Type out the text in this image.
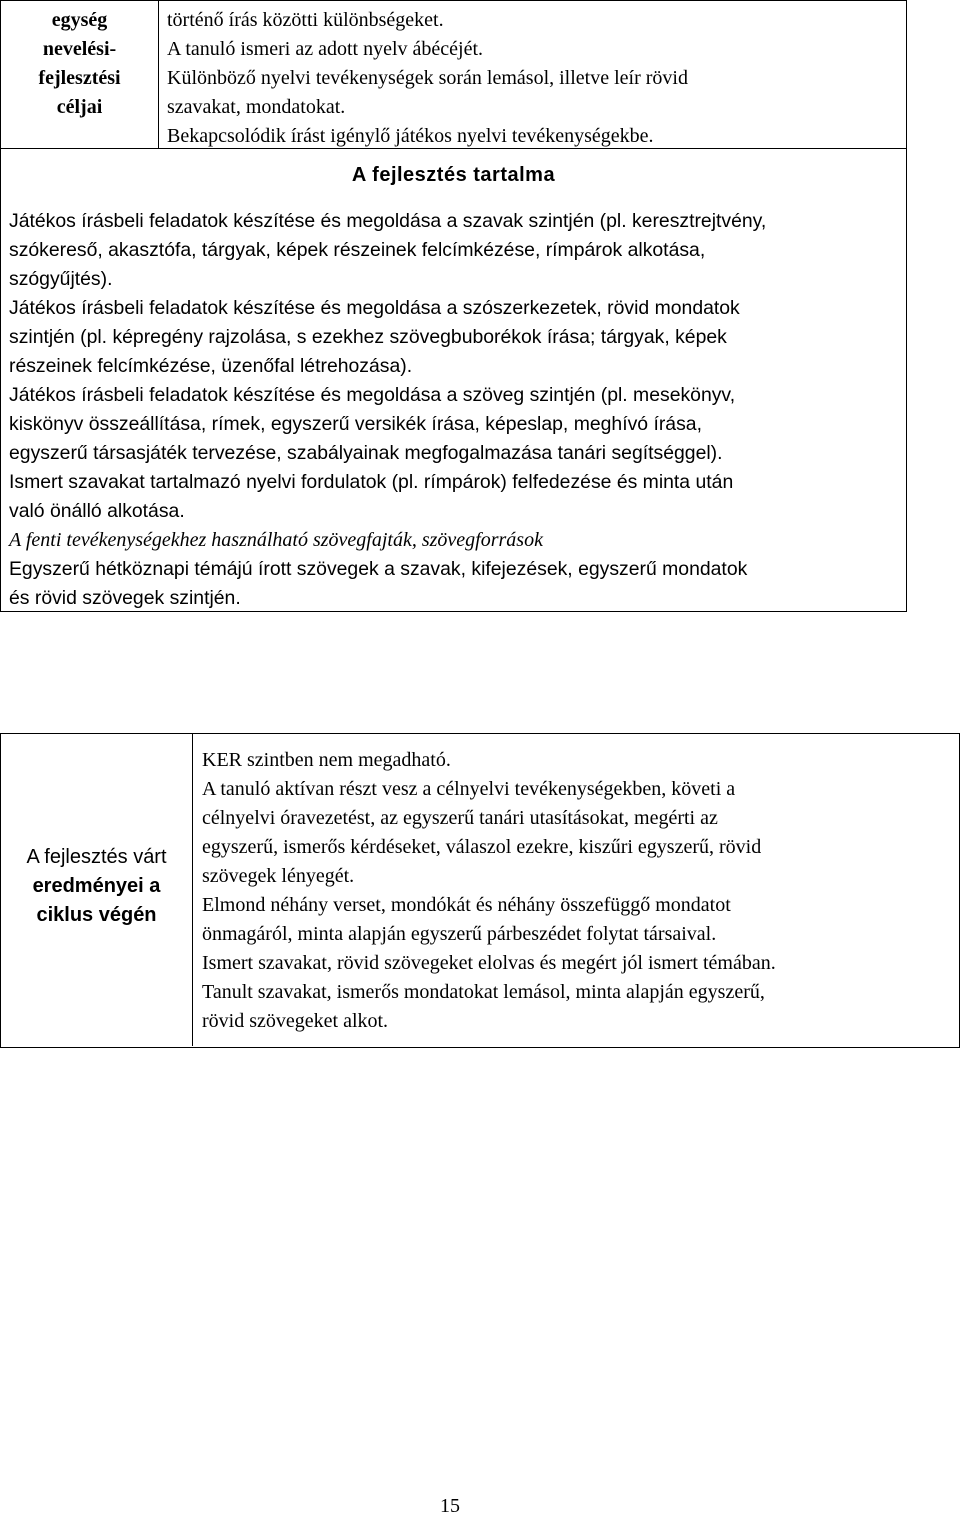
egység
nevelési-
fejlesztési
céljai
történő írás közötti különbségeket.
A tanuló ismeri az adott nyelv ábécéjét.
Különböző nyelvi tevékenységek során lemásol, illetve leír rövid
szavakat, mondatokat.
Bekapcsolódik írást igénylő játékos nyelvi tevékenységekbe.
A fejlesztés tartalma
Játékos írásbeli feladatok készítése és megoldása a szavak szintjén (pl. keresztrejtvény,
szókereső, akasztófa, tárgyak, képek részeinek felcímkézése, rímpárok alkotása,
szógyűjtés).
Játékos írásbeli feladatok készítése és megoldása a szószerkezetek, rövid mondatok
szintjén (pl. képregény rajzolása, s ezekhez szövegbuborékok írása; tárgyak, képek
részeinek felcímkézése, üzenőfal létrehozása).
Játékos írásbeli feladatok készítése és megoldása a szöveg szintjén (pl. mesekönyv,
kiskönyv összeállítása, rímek, egyszerű versikék írása, képeslap, meghívó írása,
egyszerű társasjáték tervezése, szabályainak megfogalmazása tanári segítséggel).
Ismert szavakat tartalmazó nyelvi fordulatok (pl. rímpárok) felfedezése és minta után
való önálló alkotása.
A fenti tevékenységekhez használható szövegfajták, szövegforrások
Egyszerű hétköznapi témájú írott szövegek a szavak, kifejezések, egyszerű mondatok
és rövid szövegek szintjén.
A fejlesztés várt
eredményei a
ciklus végén
KER szintben nem megadható.
A tanuló aktívan részt vesz a célnyelvi tevékenységekben, követi a
célnyelvi óravezetést, az egyszerű tanári utasításokat, megérti az
egyszerű, ismerős kérdéseket, válaszol ezekre, kiszűri egyszerű, rövid
szövegek lényegét.
Elmond néhány verset, mondókát és néhány összefüggő mondatot
önmagáról, minta alapján egyszerű párbeszédet folytat társaival.
Ismert szavakat, rövid szövegeket elolvas és megért jól ismert témában.
Tanult szavakat, ismerős mondatokat lemásol, minta alapján egyszerű,
rövid szövegeket alkot.
15
